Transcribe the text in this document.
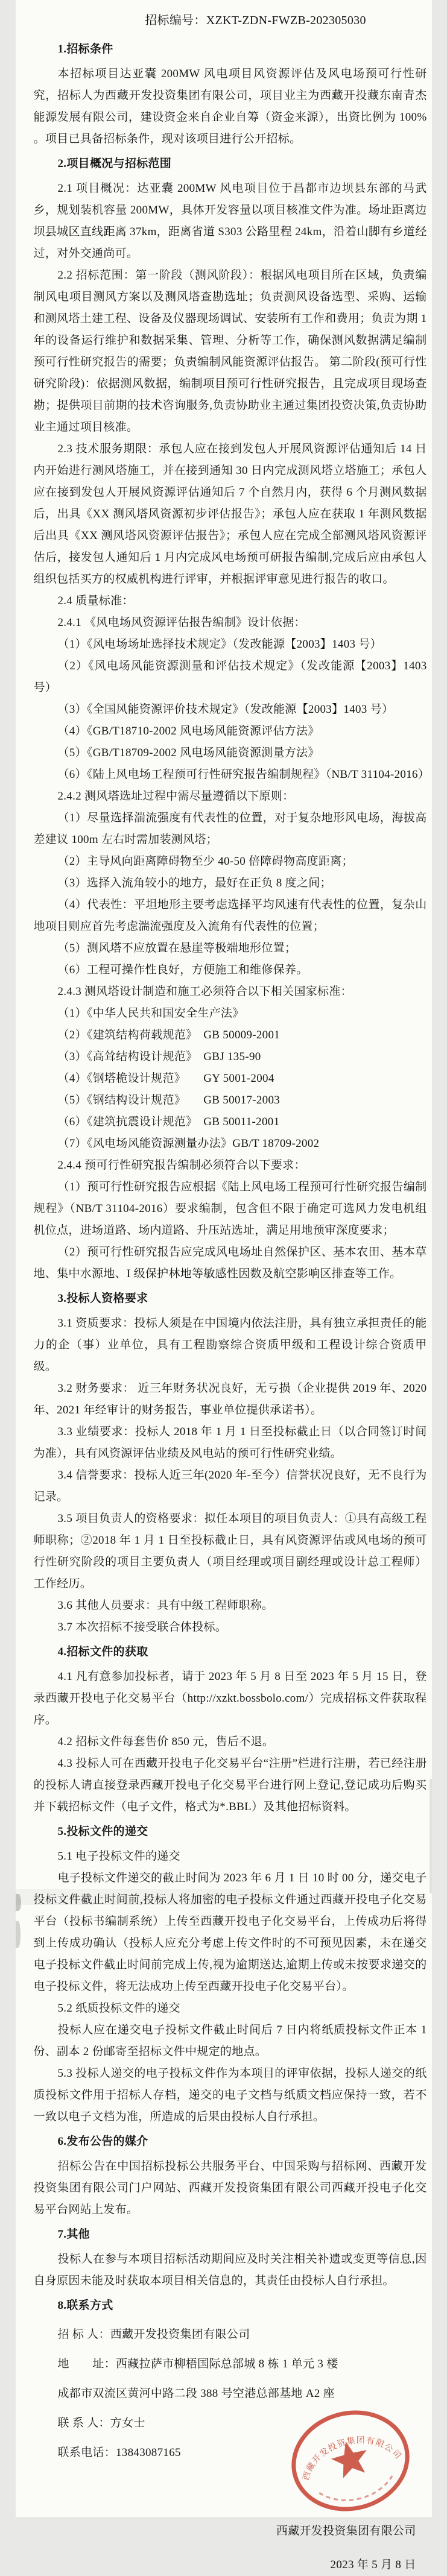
西藏开发投资集团有限公司

招标编号：XZKT-ZDN-FWZB-202305030

1.招标条件

本招标项目达亚囊 200MW 风电项目风资源评估及风电场预可行性研究，招标人为西藏开发投资集团有限公司，项目业主为西藏开投藏东南青杰能源发展有限公司，建设资金来自企业自筹（资金来源），出资比例为 100% 。项目已具备招标条件，现对该项目进行公开招标。

2.项目概况与招标范围

2.1 项目概况：达亚囊 200MW 风电项目位于昌都市边坝县东部的马武乡，规划装机容量 200MW，具体开发容量以项目核准文件为准。场址距离边坝县城区直线距离 37km，距离省道 S303 公路里程 24km，沿着山脚有乡道经过，对外交通尚可。

2.2 招标范围：第一阶段（测风阶段）：根据风电项目所在区域，负责编制风电项目测风方案以及测风塔查勘选址；负责测风设备选型、采购、运输和测风塔土建工程、设备及仪器现场调试、安装所有工作和费用；负责为期 1 年的设备运行维护和数据采集、管理、分析等工作，确保测风数据满足编制预可行性研究报告的需要；负责编制风能资源评估报告。 第二阶段(预可行性研究阶段)：依据测风数据，编制项目预可行性研究报告，且完成项目现场查勘；提供项目前期的技术咨询服务,负责协助业主通过集团投资决策,负责协助业主通过项目核准。

2.3 技术服务期限：承包人应在接到发包人开展风资源评估通知后 14 日内开始进行测风塔施工，并在接到通知 30 日内完成测风塔立塔施工；承包人应在接到发包人开展风资源评估通知后 7 个自然月内，获得 6 个月测风数据后，出具《XX 测风塔风资源初步评估报告》；承包人应在获取 1 年测风数据后出具《XX 测风塔风资源评估报告》；承包人应在完成全部测风塔风资源评估后，接发包人通知后 1 月内完成风电场预可研报告编制,完成后应由承包人组织包括买方的权威机构进行评审，并根据评审意见进行报告的收口。

2.4 质量标准：

2.4.1 《风电场风资源评估报告编制》设计依据：

（1）《风电场场址选择技术规定》（发改能源【2003】1403 号）

（2）《风电场风能资源测量和评估技术规定》（发改能源【2003】1403 号）

（3）《全国风能资源评价技术规定》（发改能源【2003】1403 号）

（4）《GB/T18710-2002 风电场风能资源评估方法》

（5）《GB/T18709-2002 风电场风能资源测量方法》

（6）《陆上风电场工程预可行性研究报告编制规程》（NB/T 31104-2016）

2.4.2 测风塔选址过程中需尽量遵循以下原则：

（1）尽量选择湍流强度有代表性的位置，对于复杂地形风电场，海拔高差建议 100m 左右时需加装测风塔；

（2）主导风向距离障碍物至少 40-50 倍障碍物高度距离；

（3）选择入流角较小的地方，最好在正负 8 度之间；

（4）代表性：平坦地形主要考虑选择平均风速有代表性的位置，复杂山地项目则应首先考虑湍流强度及入流角有代表性的位置；

（5）测风塔不应放置在悬崖等极端地形位置；

（6）工程可操作性良好，方便施工和维修保养。

2.4.3 测风塔设计制造和施工必须符合以下相关国家标准：

（1）《中华人民共和国安全生产法》

（2）《建筑结构荷载规范》　GB 50009-2001

（3）《高耸结构设计规范》　GBJ 135-90

（4）《钢塔桅设计规范》　　GY 5001-2004

（5）《钢结构设计规范》　　GB 50017-2003

（6）《建筑抗震设计规范》　GB 50011-2001

（7）《风电场风能资源测量办法》GB/T 18709-2002

2.4.4 预可行性研究报告编制必须符合以下要求：

（1）预可行性研究报告应根据《陆上风电场工程预可行性研究报告编制规程》（NB/T 31104-2016）要求编制，包含但不限于确定可选风力发电机组机位点，进场道路、场内道路、升压站选址，满足用地预审深度要求；

（2）预可行性研究报告应完成风电场址自然保护区、基本农田、基本草地、集中水源地、I 级保护林地等敏感性因数及航空影响区排查等工作。

3.投标人资格要求

3.1 资质要求：投标人须是在中国境内依法注册，具有独立承担责任的能力的企（事）业单位，具有工程勘察综合资质甲级和工程设计综合资质甲级。

3.2 财务要求： 近三年财务状况良好，无亏损（企业提供 2019 年、2020年、2021 年经审计的财务报告，事业单位提供承诺书）。

3.3 业绩要求：投标人 2018 年 1 月 1 日至投标截止日（以合同签订时间为准），具有风资源评估业绩及风电站的预可行性研究业绩。

3.4 信誉要求：投标人近三年(2020 年-至今）信誉状况良好，无不良行为记录。

3.5 项目负责人的资格要求：拟任本项目的项目负责人：①具有高级工程师职称；②2018 年 1 月 1 日至投标截止日，具有风资源评估或风电场的预可行性研究阶段的项目主要负责人（项目经理或项目副经理或设计总工程师）工作经历。

3.6 其他人员要求：具有中级工程师职称。

3.7 本次招标不接受联合体投标。

4.招标文件的获取

4.1 凡有意参加投标者，请于 2023 年 5 月 8 日至 2023 年 5 月 15 日，登录西藏开投电子化交易平台（http://xzkt.bossbolo.com/）完成招标文件获取程序。

4.2 招标文件每套售价 850 元，售后不退。

4.3 投标人可在西藏开投电子化交易平台“注册”栏进行注册，若已经注册的投标人请直接登录西藏开投电子化交易平台进行网上登记,登记成功后购买并下载招标文件（电子文件，格式为*.BBL）及其他招标资料。

5.投标文件的递交

5.1 电子投标文件的递交

电子投标文件递交的截止时间为 2023 年 6 月 1 日 10 时 00 分，递交电子投标文件截止时间前,投标人将加密的电子投标文件通过西藏开投电子化交易平台（投标书编制系统）上传至西藏开投电子化交易平台，上传成功后将得到上传成功确认（投标人应充分考虑上传文件时的不可预见因素，未在递交电子投标文件截止时间前完成上传,视为逾期送达,逾期上传或未按要求递交的电子投标文件，将无法成功上传至西藏开投电子化交易平台）。

5.2 纸质投标文件的递交

投标人应在递交电子投标文件截止时间后 7 日内将纸质投标文件正本 1 份、副本 2 份邮寄至招标文件中规定的地点。

5.3 投标人递交的电子投标文件作为本项目的评审依据，投标人递交的纸质投标文件用于招标人存档，递交的电子文档与纸质文档应保持一致，若不一致以电子文档为准，所造成的后果由投标人自行承担。

6.发布公告的媒介

招标公告在中国招标投标公共服务平台、中国采购与招标网、西藏开发投资集团有限公司门户网站、西藏开发投资集团有限公司西藏开投电子化交易平台网站上发布。

7.其他

投标人在参与本项目招标活动期间应及时关注相关补遗或变更等信息,因自身原因未能及时获取本项目相关信息的，其责任由投标人自行承担。

8.联系方式

招 标 人：西藏开发投资集团有限公司

地　　址：西藏拉萨市柳梧国际总部城 8 栋 1 单元 3 楼

成都市双流区黄河中路二段 388 号空港总部基地 A2 座

联 系 人：方女士

联系电话：13843087165

西藏开发投资集团有限公司

2023 年 5 月 8 日
